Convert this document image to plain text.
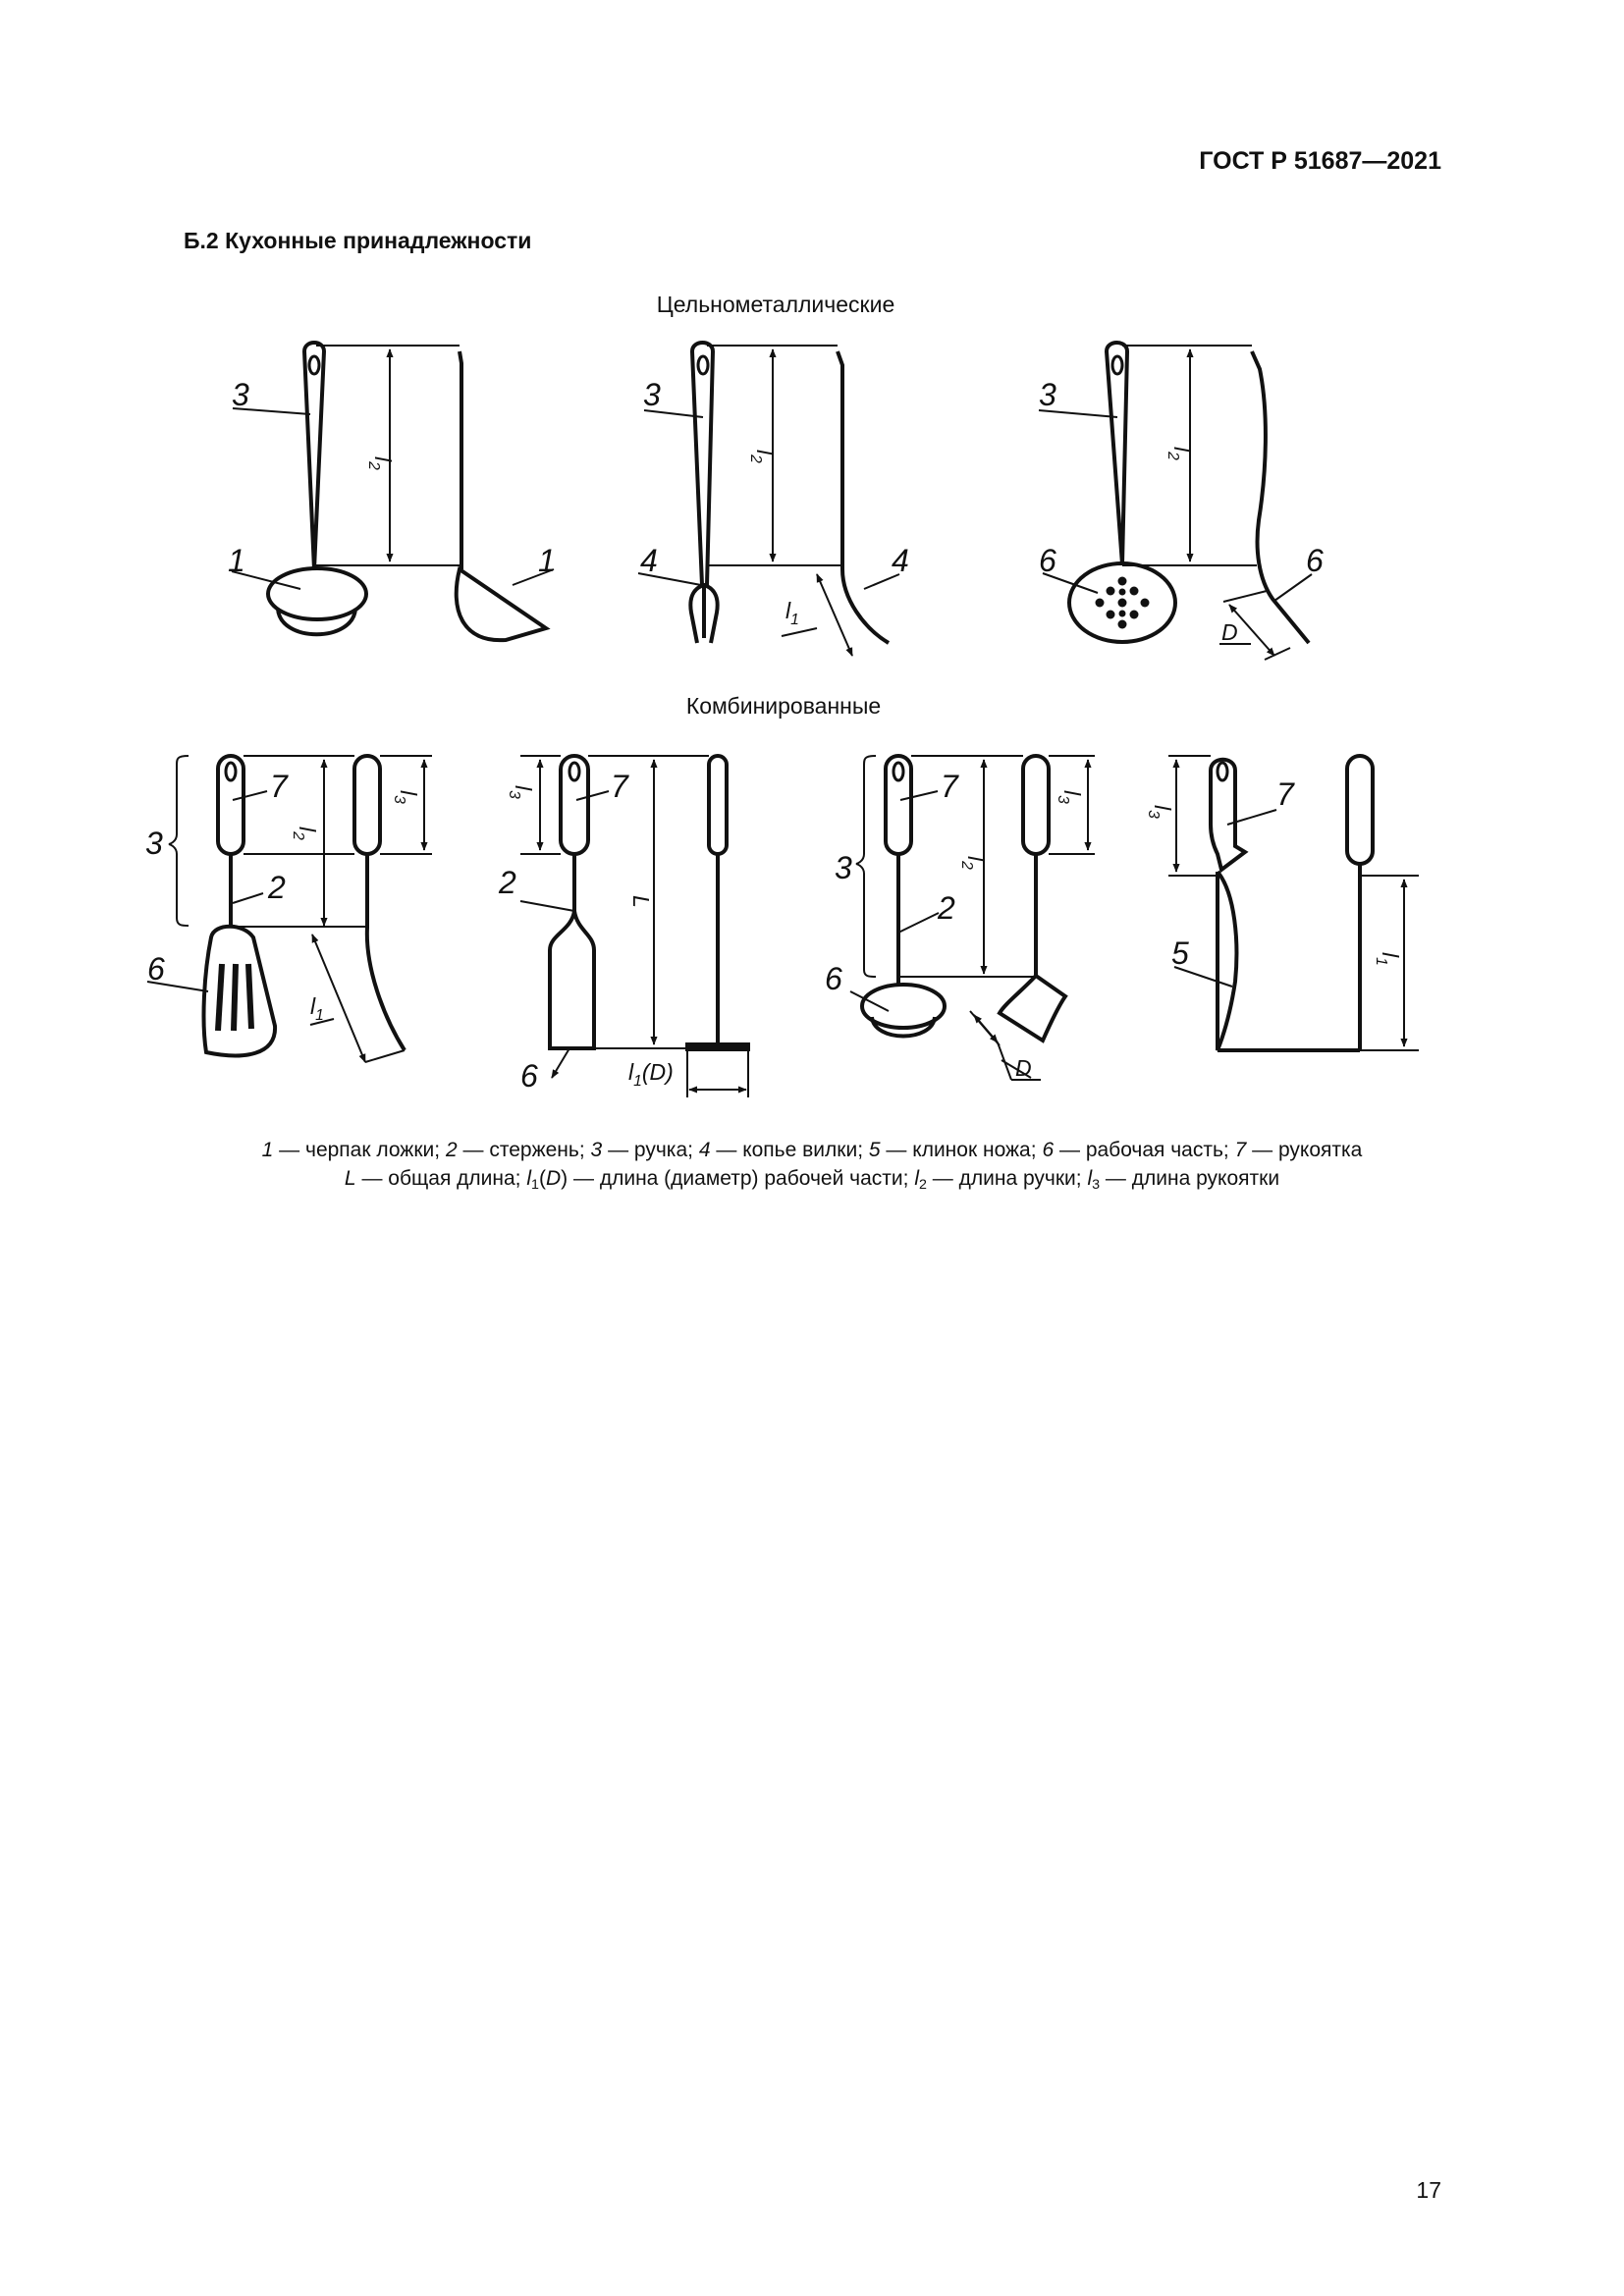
ГОСТ Р 51687—2021
Б.2 Кухонные принадлежности
Цельнометаллические
Комбинированные
3
1	1
$l_2$
3
4	4
$l_2$
$l_1$
3
6	6
$l_2$
D
3
7
2
6
$l_2$
$l_3$
$l_1$
7
2
6
$l_3$
L
$l_1(D)$
3
7
2
6
$l_2$
$l_3$
D
7
5
$l_3$
$l_1$
1 — черпак ложки; 2 — стержень; 3 — ручка; 4 — копье вилки; 5 — клинок ножа; 6 — рабочая часть; 7 — рукоятка
L — общая длина; $l_1(D)$ — длина (диаметр) рабочей части; $l_2$ — длина ручки; $l_3$ — длина рукоятки
17
